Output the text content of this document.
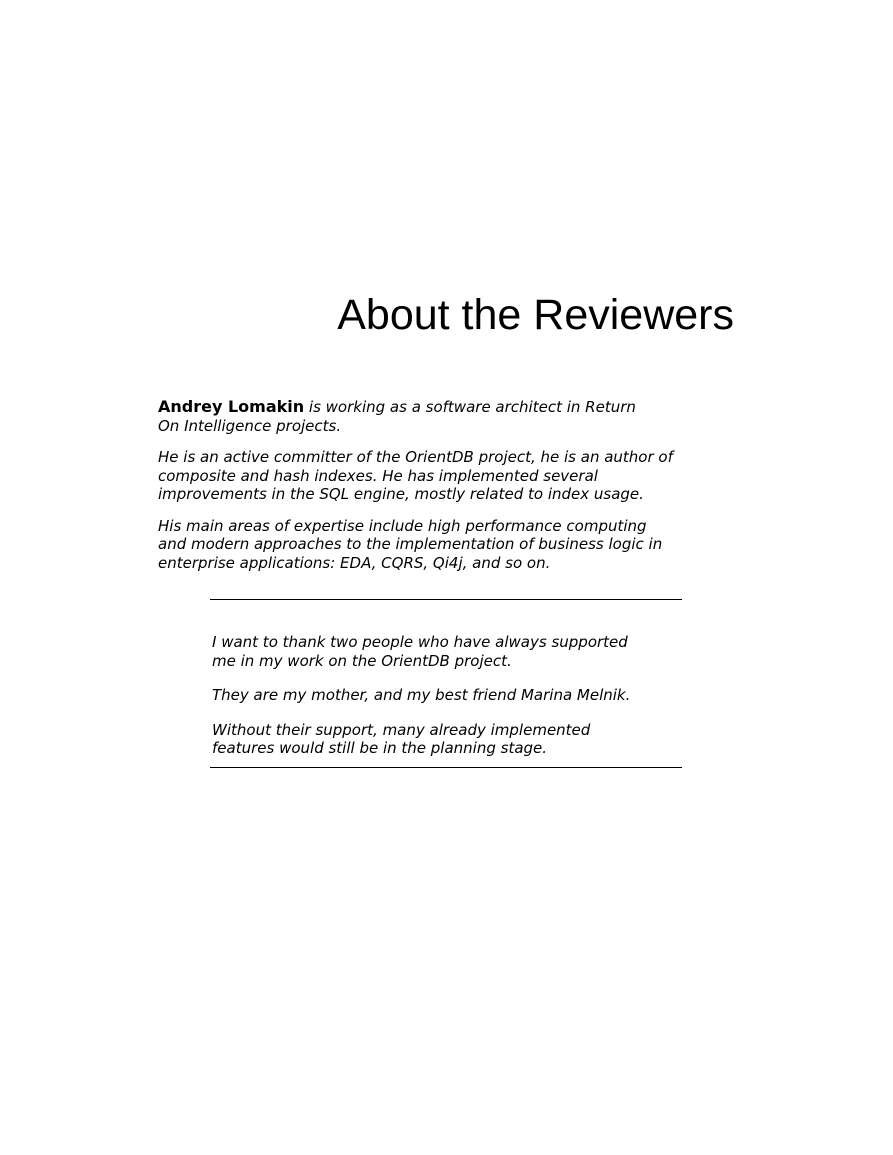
About the Reviewers

Andrey Lomakin is working as a software architect in Return
On Intelligence projects.

He is an active committer of the OrientDB project, he is an author of
composite and hash indexes. He has implemented several
improvements in the SQL engine, mostly related to index usage.

His main areas of expertise include high performance computing
and modern approaches to the implementation of business logic in
enterprise applications: EDA, CQRS, Qi4j, and so on.

I want to thank two people who have always supported
me in my work on the OrientDB project.

They are my mother, and my best friend Marina Melnik.

Without their support, many already implemented
features would still be in the planning stage.
